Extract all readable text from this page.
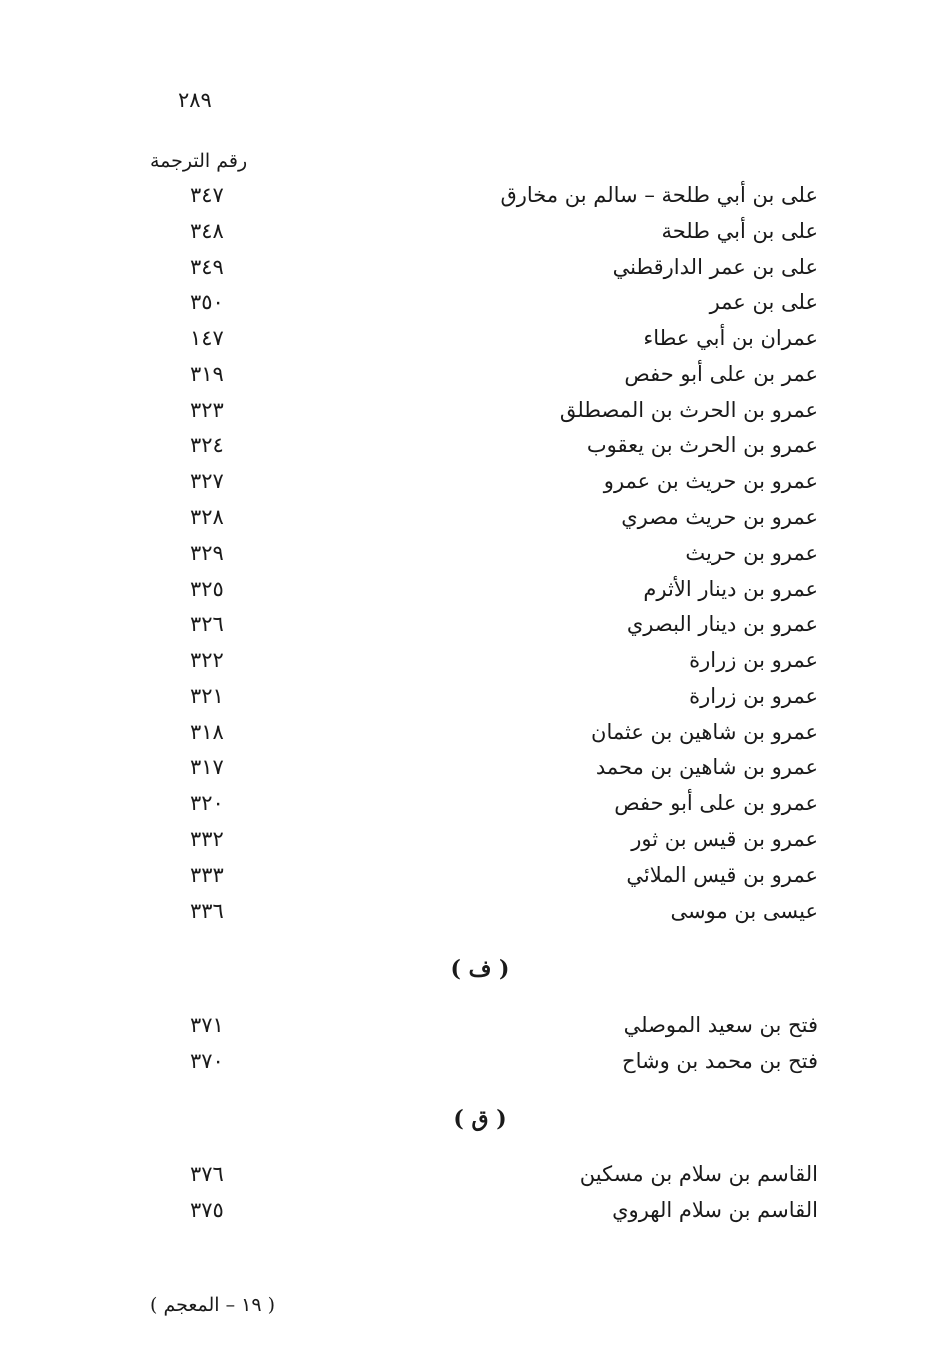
٢٨٩
رقم الترجمة
على بن أبي طلحة – سالم بن مخارق
٣٤٧
على بن أبي طلحة
٣٤٨
على بن عمر الدارقطني
٣٤٩
على بن عمر
٣٥٠
عمران بن أبي عطاء
١٤٧
عمر بن على أبو حفص
٣١٩
عمرو بن الحرث بن المصطلق
٣٢٣
عمرو بن الحرث بن يعقوب
٣٢٤
عمرو بن حريث بن عمرو
٣٢٧
عمرو بن حريث مصري
٣٢٨
عمرو بن حريث
٣٢٩
عمرو بن دينار الأثرم
٣٢٥
عمرو بن دينار البصري
٣٢٦
عمرو بن زرارة
٣٢٢
عمرو بن زرارة
٣٢١
عمرو بن شاهين بن عثمان
٣١٨
عمرو بن شاهين بن محمد
٣١٧
عمرو بن على أبو حفص
٣٢٠
عمرو بن قيس بن ثور
٣٣٢
عمرو بن قيس الملائي
٣٣٣
عيسى بن موسى
٣٣٦
( ف )
فتح بن سعيد الموصلي
٣٧١
فتح بن محمد بن وشاح
٣٧٠
( ق )
القاسم بن سلام بن مسكين
٣٧٦
القاسم بن سلام الهروي
٣٧٥
( ١٩ – المعجم )
